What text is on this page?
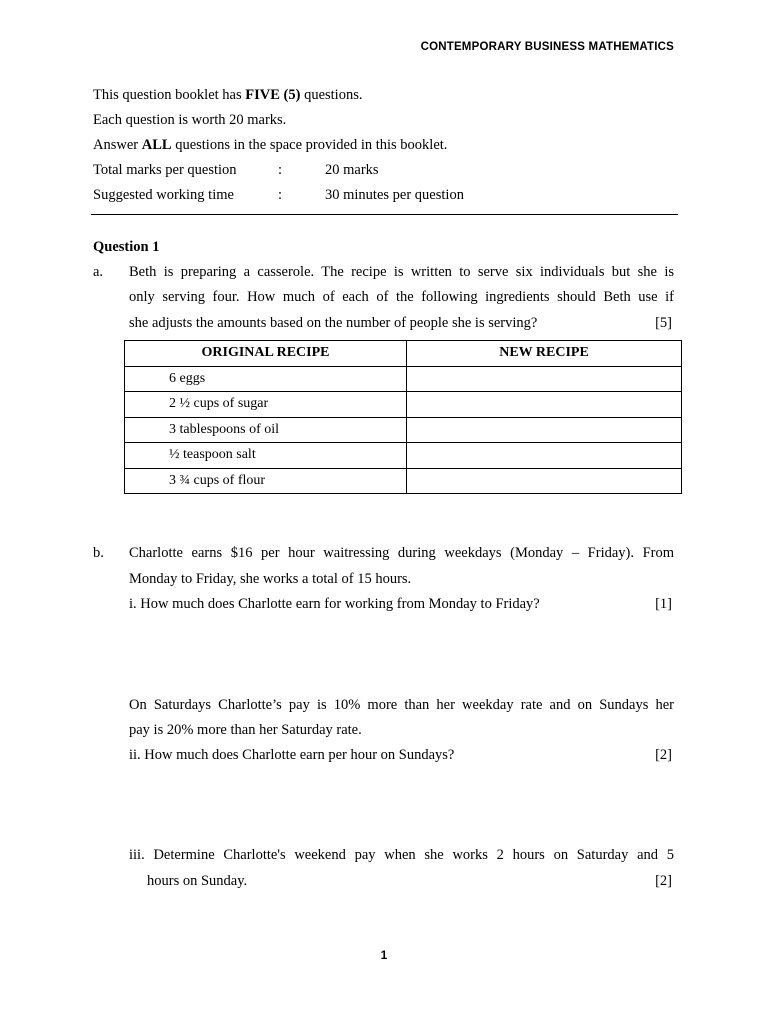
CONTEMPORARY BUSINESS MATHEMATICS
This question booklet has FIVE (5) questions.
Each question is worth 20 marks.
Answer ALL questions in the space provided in this booklet.
Total marks per question	:	20 marks
Suggested working time	:	30 minutes per question
Question 1
a. Beth is preparing a casserole. The recipe is written to serve six individuals but she is
only serving four. How much of each of the following ingredients should Beth use if
she adjusts the amounts based on the number of people she is serving?	[5]
ORIGINAL RECIPE	NEW RECIPE
6 eggs	
2 ½ cups of sugar	
3 tablespoons of oil	
½ teaspoon salt	
3 ¾ cups of flour	
b. Charlotte earns $16 per hour waitressing during weekdays (Monday – Friday). From
Monday to Friday, she works a total of 15 hours.
i. How much does Charlotte earn for working from Monday to Friday?	[1]
On Saturdays Charlotte’s pay is 10% more than her weekday rate and on Sundays her
pay is 20% more than her Saturday rate.
ii. How much does Charlotte earn per hour on Sundays?	[2]
iii. Determine Charlotte's weekend pay when she works 2 hours on Saturday and 5
hours on Sunday.	[2]
1
